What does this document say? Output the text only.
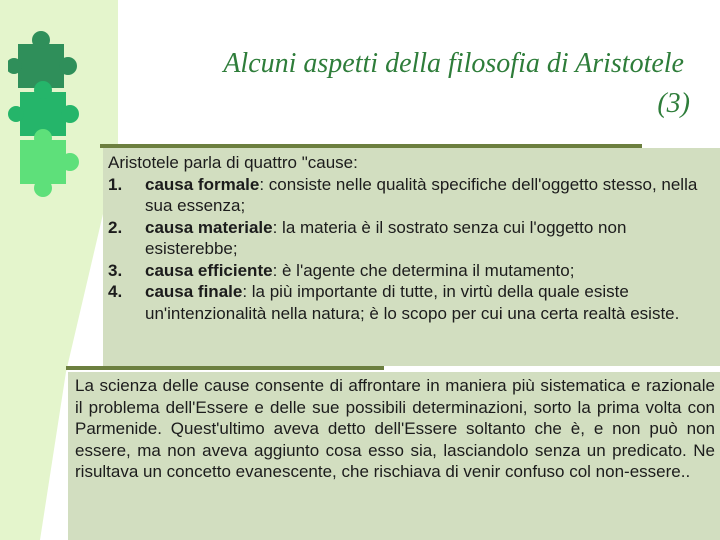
Alcuni aspetti della filosofia di Aristotele
(3)
Aristotele parla di quattro "cause:
1. causa formale: consiste nelle qualità specifiche dell'oggetto stesso, nella sua essenza;
2. causa materiale: la materia è il sostrato senza cui l'oggetto non esisterebbe;
3. causa efficiente: è l'agente che determina il mutamento;
4. causa finale: la più importante di tutte, in virtù della quale esiste un'intenzionalità nella natura; è lo scopo per cui una certa realtà esiste.
La scienza delle cause consente di affrontare in maniera più sistematica e razionale il problema dell'Essere e delle sue possibili determinazioni, sorto la prima volta con Parmenide. Quest'ultimo aveva detto dell'Essere soltanto che è, e non può non essere, ma non aveva aggiunto cosa esso sia, lasciandolo senza un predicato. Ne risultava un concetto evanescente, che rischiava di venir confuso col non-essere..
